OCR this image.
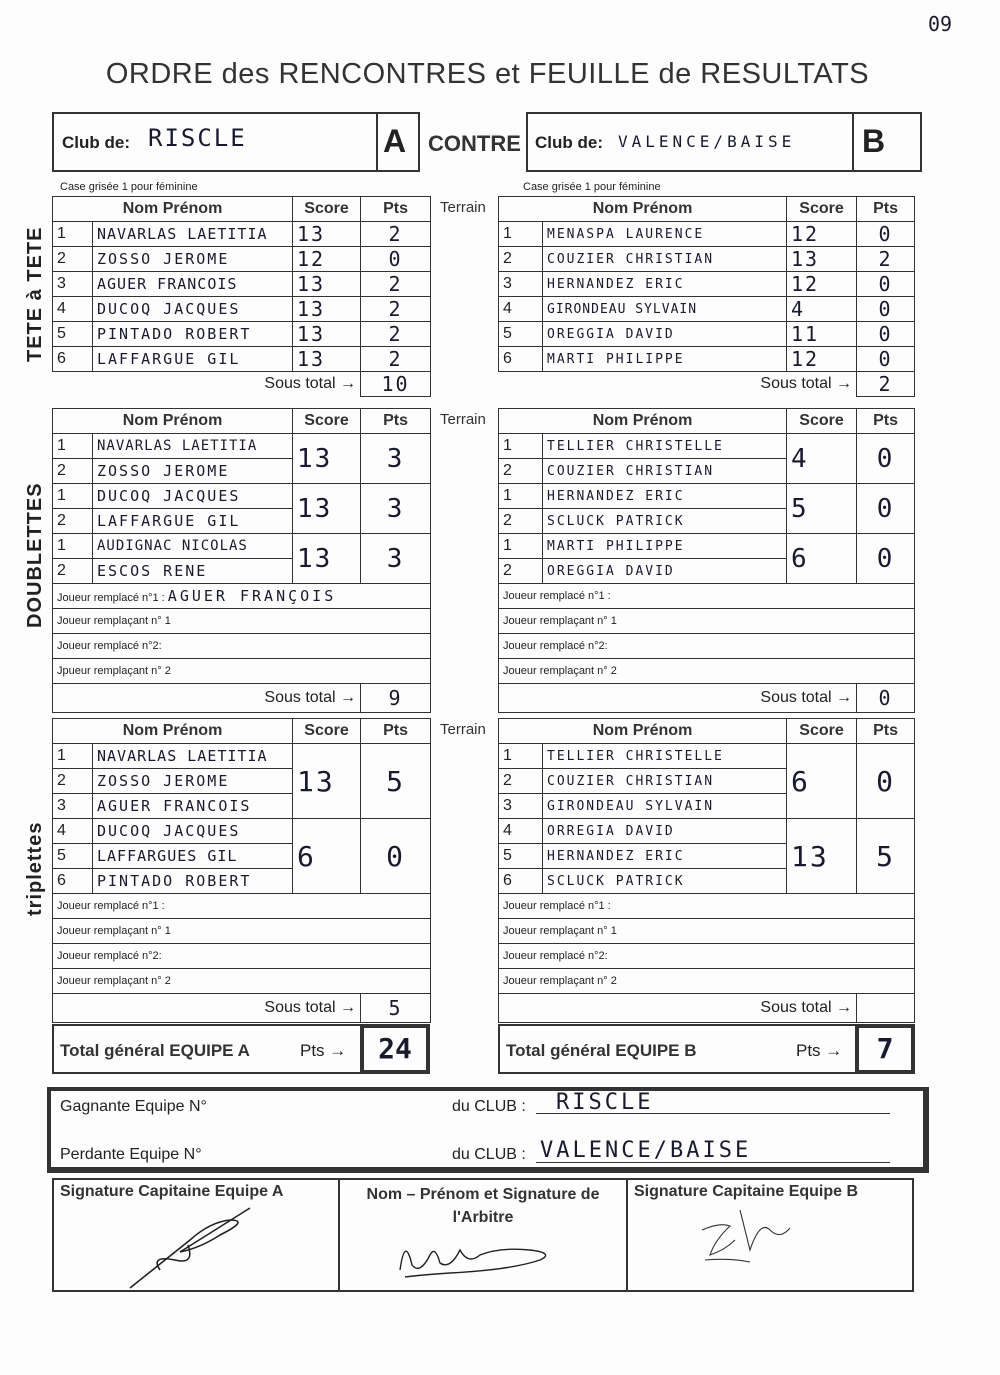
09
ORDRE des RENCONTRES et FEUILLE de RESULTATS
Club de: RISCLE	A CONTRE Club de: VALENCE/BAISE B
Case grisée 1 pour féminine	Case grisée 1 pour féminine
TETE à TETE
DOUBLETTES
triplettes
Nom Prénom		Score	Pts
1	NAVARLAS LAETITIA	13	2
2	ZOSSO JEROME	12	0
3	AGUER FRANCOIS	13	2
4	DUCOQ JACQUES	13	2
5	PINTADO ROBERT	13	2
6	LAFFARGUE GIL	13	2
Sous total →			10
Terrain	Nom Prénom		Score	Pts
1	MENASPA LAURENCE	12	0
2	COUZIER CHRISTIAN	13	2
3	HERNANDEZ ERIC	12	0
4	GIRONDEAU SYLVAIN	4	0
5	OREGGIA DAVID	11	0
6	MARTI PHILIPPE	12	0
Sous total →			2
Nom Prénom		Score	Pts
1	NAVARLAS LAETITIA	13	3
2	ZOSSO JEROME		
1	DUCOQ JACQUES	13	3
2	LAFFARGUE GIL		
1	AUDIGNAC NICOLAS	13	3
2	ESCOS RENE		
Joueur remplacé n°1 : AGUER FRANÇOIS			
Joueur remplaçant n° 1			
Joueur remplacé n°2:			
Jpueur remplaçant n° 2			
Sous total →			9
Terrain	Nom Prénom		Score	Pts
1	TELLIER CHRISTELLE	4	0
2	COUZIER CHRISTIAN		
1	HERNANDEZ ERIC	5	0
2	SCLUCK PATRICK		
1	MARTI PHILIPPE	6	0
2	OREGGIA DAVID		
Joueur remplacé n°1 :			
Joueur remplaçant n° 1			
Joueur remplacé n°2:			
Joueur remplaçant n° 2			
Sous total →			0
Nom Prénom		Score	Pts
1	NAVARLAS LAETITIA	13	5
2	ZOSSO JEROME		
3	AGUER FRANCOIS		
4	DUCOQ JACQUES	6	0
5	LAFFARGUES GIL		
6	PINTADO ROBERT		
Joueur remplacé n°1 :			
Joueur remplaçant n° 1			
Joueur remplacé n°2:			
Joueur remplaçant n° 2			
Sous total →			5
Terrain	Nom Prénom		Score	Pts
1	TELLIER CHRISTELLE	6	0
2	COUZIER CHRISTIAN		
3	GIRONDEAU SYLVAIN		
4	ORREGIA DAVID	13	5
5	HERNANDEZ ERIC		
6	SCLUCK PATRICK		
Joueur remplacé n°1 :			
Joueur remplaçant n° 1			
Joueur remplacé n°2:			
Joueur remplaçant n° 2			
Sous total →			
Total général EQUIPE A	Pts →	24	Total général EQUIPE B	Pts →	7
Gagnante Equipe N°	du CLUB : RISCLE
Perdante Equipe N°	du CLUB : VALENCE/BAISE
Signature Capitaine Equipe A	Nom – Prénom et Signature de l'Arbitre
Signature Capitaine Equipe B
